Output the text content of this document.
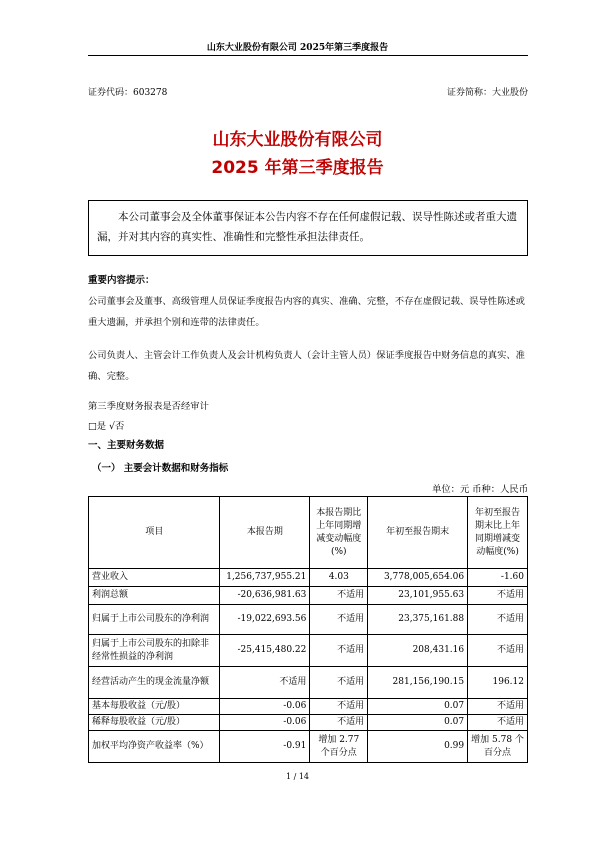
山东大业股份有限公司 2025年第三季度报告
证券代码：603278	证券简称：大业股份
山东大业股份有限公司
2025 年第三季度报告
本公司董事会及全体董事保证本公告内容不存在任何虚假记载、误导性陈述或者重大遗漏，并对其内容的真实性、准确性和完整性承担法律责任。
重要内容提示：
公司董事会及董事、高级管理人员保证季度报告内容的真实、准确、完整，不存在虚假记载、误导性陈述或重大遗漏，并承担个别和连带的法律责任。
公司负责人、主管会计工作负责人及会计机构负责人（会计主管人员）保证季度报告中财务信息的真实、准确、完整。
第三季度财务报表是否经审计
□是 √否
一、主要财务数据
（一） 主要会计数据和财务指标
单位：元 币种：人民币
项目	本报告期	本报告期比上年同期增减变动幅度(%)	年初至报告期末	年初至报告期末比上年同期增减变动幅度(%)
营业收入	1,256,737,955.21	4.03	3,778,005,654.06	-1.60
利润总额	-20,636,981.63	不适用	23,101,955.63	不适用
归属于上市公司股东的净利润	-19,022,693.56	不适用	23,375,161.88	不适用
归属于上市公司股东的扣除非经常性损益的净利润	-25,415,480.22	不适用	208,431.16	不适用
经营活动产生的现金流量净额	不适用	不适用	281,156,190.15	196.12
基本每股收益（元/股）	-0.06	不适用	0.07	不适用
稀释每股收益（元/股）	-0.06	不适用	0.07	不适用
加权平均净资产收益率（%）	-0.91	增加 2.77 个百分点	0.99	增加 5.78 个百分点
1 / 14
